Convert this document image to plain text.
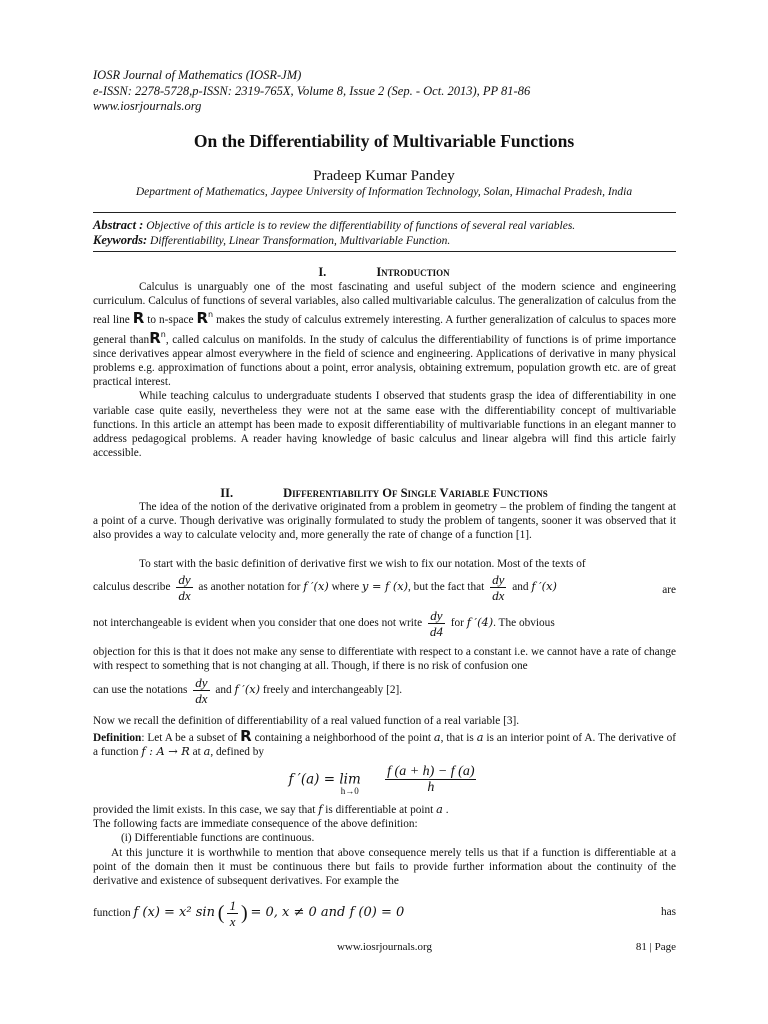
IOSR Journal of Mathematics (IOSR-JM)
e-ISSN: 2278-5728,p-ISSN: 2319-765X, Volume 8, Issue 2 (Sep. - Oct. 2013), PP 81-86
www.iosrjournals.org
On the Differentiability of Multivariable Functions
Pradeep Kumar Pandey
Department of Mathematics, Jaypee University of Information Technology, Solan, Himachal Pradesh, India
Abstract : Objective of this article is to review the differentiability of functions of several real variables.
Keywords: Differentiability, Linear Transformation, Multivariable Function.
I.	Introduction

Calculus is unarguably one of the most fascinating and useful subject of the modern science and engineering curriculum. Calculus of functions of several variables, also called multivariable calculus. The generalization of calculus from the real line R to n-space $R^n$ makes the study of calculus extremely interesting. A further generalization of calculus to spaces more general thanR$^n$, called calculus on manifolds. In the study of calculus the differentiability of functions is of prime importance since derivatives appear almost everywhere in the field of science and engineering. Applications of derivative in many physical problems e.g. approximation of functions about a point, error analysis, obtaining extremum, population growth etc. are of great practical interest.

While teaching calculus to undergraduate students I observed that students grasp the idea of differentiability in one variable case quite easily, nevertheless they were not at the same ease with the differentiability concept of multivariable functions. In this article an attempt has been made to exposit differentiability of multivariable functions in an elegant manner to address pedagogical problems. A reader having knowledge of basic calculus and linear algebra will find this article fairly accessible.

II.	Differentiability Of Single Variable Functions

The idea of the notion of the derivative originated from a problem in geometry – the problem of finding the tangent at a point of a curve. Though derivative was originally formulated to study the problem of tangents, sooner it was observed that it also provides a way to calculate velocity and, more generally the rate of change of a function [1].

To start with the basic definition of derivative first we wish to fix our notation. Most of the texts of

calculus describe $\frac{dy}{dx}$ as another notation for f ′(x) where y = f (x), but the fact that $\frac{dy}{dx}$ and f ′(x)	are
not interchangeable is evident when you consider that one does not write $\frac{dy}{d4}$ for f ′(4). The obvious

objection for this is that it does not make any sense to differentiate with respect to a constant i.e. we cannot have a rate of change with respect to something that is not changing at all. Though, if there is no risk of confusion one

can use the notations $\frac{dy}{dx}$ and f ′(x) freely and interchangeably [2].

Now we recall the definition of differentiability of a real valued function of a real variable [3].

Definition: Let A be a subset of R containing a neighborhood of the point a, that is a is an interior point of A. The derivative of a function f : A → R at a, defined by

f $'(a) = \lim_{h\to 0} \frac{f (a + h) - f (a)}{h}$

provided the limit exists. In this case, we say that f is differentiable at point a .

The following facts are immediate consequence of the above definition:

(i) Differentiable functions are continuous.

At this juncture it is worthwhile to mention that above consequence merely tells us that if a function is differentiable at a point of the domain then it must be continuous there but fails to provide further information about the continuity of the derivative and existence of subsequent derivatives. For example the

function f (x) = x² sin ( $\frac{1}{x}$ ) = 0, x ≠ 0 and f (0) = 0	has
www.iosrjournals.org	81 | Page
